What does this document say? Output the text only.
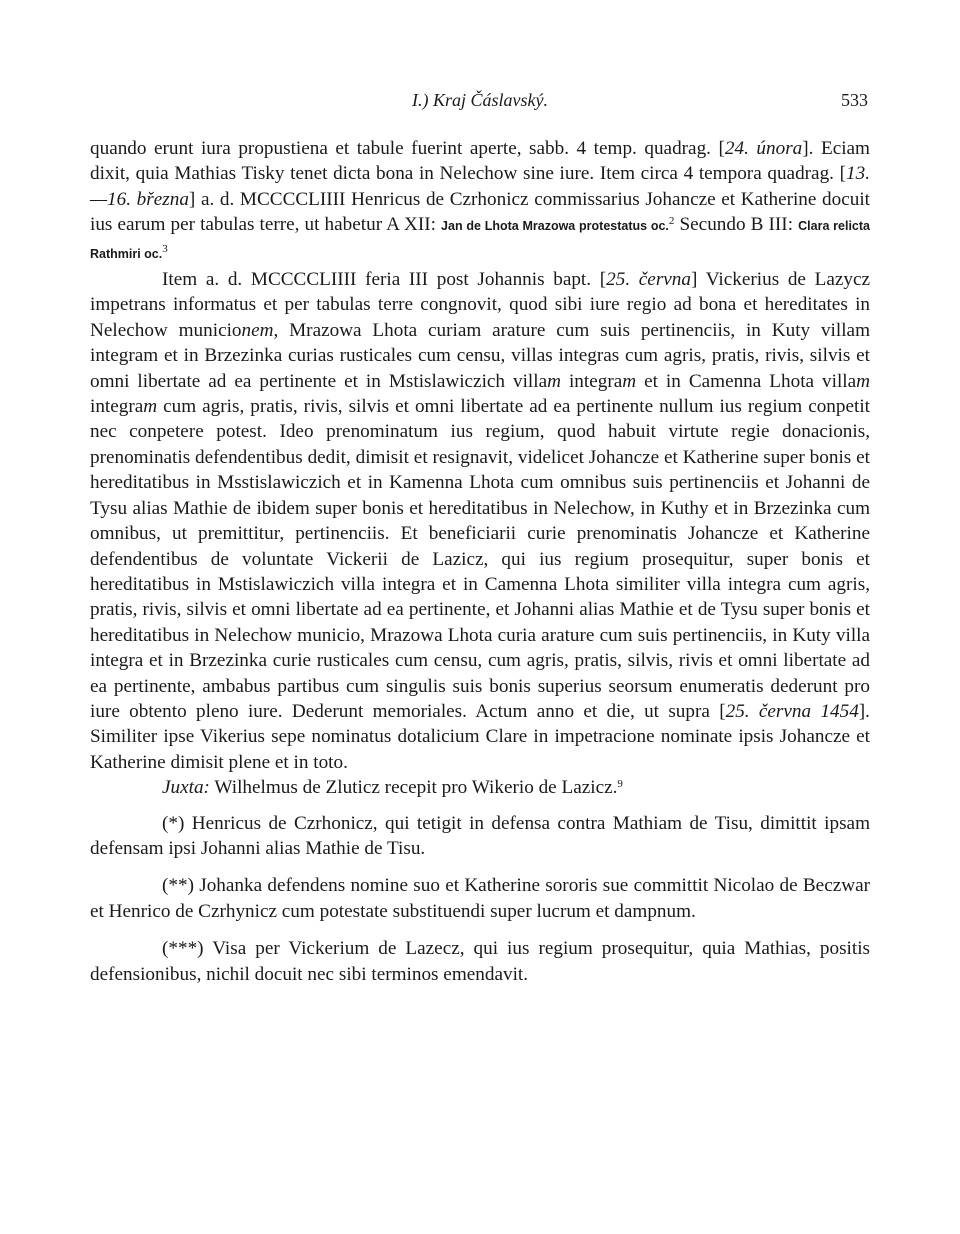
I.) Kraj Čáslavský.	533

quando erunt iura propustiena et tabule fuerint aperte, sabb. 4 temp. quadrag. [24. února]. Eciam dixit, quia Mathias Tisky tenet dicta bona in Nelechow sine iure. Item circa 4 tempora quadrag. [13.—16. března] a. d. MCCCCLIIII Henricus de Czrhonicz commissarius Johancze et Katherine docuit ius earum per tabulas terre, ut habetur A XII: Jan de Lhota Mrazowa protestatus oc.$^2$ Secundo B III: Clara relicta Rathmiri oc.$^3$

Item a. d. MCCCCLIIII feria III post Johannis bapt. [25. června] Vickerius de Lazycz impetrans informatus et per tabulas terre congnovit, quod sibi iure regio ad bona et hereditates in Nelechow municionem, Mrazowa Lhota curiam arature cum suis pertinenciis, in Kuty villam integram et in Brzezinka curias rusticales cum censu, villas integras cum agris, pratis, rivis, silvis et omni libertate ad ea pertinente et in Mstislawiczich villam integram et in Camenna Lhota villam integram cum agris, pratis, rivis, silvis et omni libertate ad ea pertinente nullum ius regium conpetit nec conpetere potest. Ideo prenominatum ius regium, quod habuit virtute regie donacionis, prenominatis defendentibus dedit, dimisit et resignavit, videlicet Johancze et Katherine super bonis et hereditatibus in Msstislawiczich et in Kamenna Lhota cum omnibus suis pertinenciis et Johanni de Tysu alias Mathie de ibidem super bonis et hereditatibus in Nelechow, in Kuthy et in Brzezinka cum omnibus, ut premittitur, pertinenciis. Et beneficiarii curie prenominatis Johancze et Katherine defendentibus de voluntate Vickerii de Lazicz, qui ius regium prosequitur, super bonis et hereditatibus in Mstislawiczich villa integra et in Camenna Lhota similiter villa integra cum agris, pratis, rivis, silvis et omni libertate ad ea pertinente, et Johanni alias Mathie et de Tysu super bonis et hereditatibus in Nelechow municio, Mrazowa Lhota curia arature cum suis pertinenciis, in Kuty villa integra et in Brzezinka curie rusticales cum censu, cum agris, pratis, silvis, rivis et omni libertate ad ea pertinente, ambabus partibus cum singulis suis bonis superius seorsum enumeratis dederunt pro iure obtento pleno iure. Dederunt memoriales. Actum anno et die, ut supra [25. června 1454]. Similiter ipse Vikerius sepe nominatus dotalicium Clare in impetracione nominate ipsis Johancze et Katherine dimisit plene et in toto.

Juxta: Wilhelmus de Zluticz recepit pro Wikerio de Lazicz.$^9$

(*) Henricus de Czrhonicz, qui tetigit in defensa contra Mathiam de Tisu, dimittit ipsam defensam ipsi Johanni alias Mathie de Tisu.

(**) Johanka defendens nomine suo et Katherine sororis sue committit Nicolao de Beczwar et Henrico de Czrhynicz cum potestate substituendi super lucrum et dampnum.

(***) Visa per Vickerium de Lazecz, qui ius regium prosequitur, quia Mathias, positis defensionibus, nichil docuit nec sibi terminos emendavit.
